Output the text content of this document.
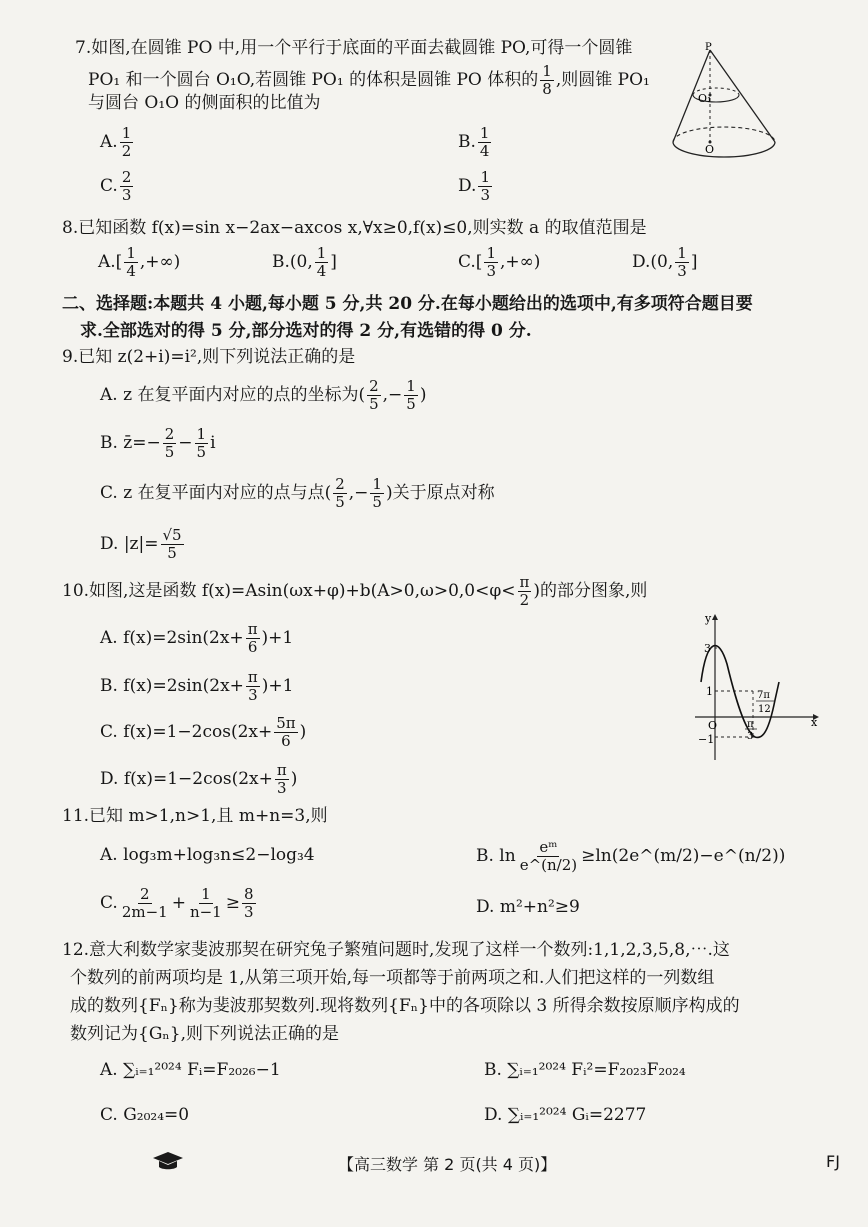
7.如图,在圆锥 PO 中,用一个平行于底面的平面去截圆锥 PO,可得一个圆锥
PO₁ 和一个圆台 O₁O,若圆锥 PO₁ 的体积是圆锥 PO 体积的 $\frac{1}{8}$ ,则圆锥 PO₁
与圆台 O₁O 的侧面积的比值为
A. $\frac{1}{2}$	B. $\frac{1}{4}$
C. $\frac{2}{3}$	D. $\frac{1}{3}$
P
O₁
O
8.已知函数 f(x)=sin x−2ax−axcos x,∀x≥0,f(x)≤0,则实数 a 的取值范围是
$A.[ \frac{1}{4}$ ,+∞)	B.(0, $\frac{1}{4}$ ]	$C.[ \frac{1}{3}$ ,+∞)	D.(0, $\frac{1}{3}$ ]
二、选择题:本题共 4 小题,每小题 5 分,共 20 分.在每小题给出的选项中,有多项符合题目要
求.全部选对的得 5 分,部分选对的得 2 分,有选错的得 0 分.
9.已知 z(2+i)=i²,则下列说法正确的是
A. z 在复平面内对应的点的坐标为( $\frac{2}{5}$ ,− $\frac{1}{5}$ )
B. z̄=− $\frac{2}{5} - \frac{1}{5}$ i
C. z 在复平面内对应的点与点( $\frac{2}{5}$ ,− $\frac{1}{5}$ )关于原点对称
D. $|z|= \frac{√5}{5}$
10.如图,这是函数 $f(x)=Asin(\omega x+\varphi)+b(A>0,\omega>0,0<\varphi< \frac{\pi}{2}$ )的部分图象,则
A. $f(x)=2\sin(2x+ \frac{\pi}{6} )+1$
B. $f(x)=2\sin(2x+ \frac{\pi}{3} )+1$
C. $f(x)=1-2\cos(2x+ \frac{5\pi}{6}$ )
D. $f(x)=1-2\cos(2x+ \frac{\pi}{3}$ )
y
x
O
3
1
−1
7π
12
π
3
11.已知 m>1,n>1,且 m+n=3,则
A. log₃m+log₃n≤2−log₃4	B. $\ln \frac{\text{eᵐ}}{e\^{}(n/2)}$ ≥ln(2e^(m/2)−e^(n/2))
C. $\frac{2}{2m-1} + \frac{1}{n-1} \ge \frac{8}{3}$	D. m²+n²≥9
12.意大利数学家斐波那契在研究兔子繁殖问题时,发现了这样一个数列:1,1,2,3,5,8,⋯.这
个数列的前两项均是 1,从第三项开始,每一项都等于前两项之和.人们把这样的一列数组
成的数列{Fₙ}称为斐波那契数列.现将数列{Fₙ}中的各项除以 3 所得余数按原顺序构成的
数列记为{Gₙ},则下列说法正确的是
A. ∑ᵢ₌₁²⁰²⁴ Fᵢ=F₂₀₂₆−1	B. ∑ᵢ₌₁²⁰²⁴ Fᵢ²=F₂₀₂₃F₂₀₂₄
C. G₂₀₂₄=0	D. ∑ᵢ₌₁²⁰²⁴ Gᵢ=2277
【高三数学 第 2 页(共 4 页)】	FJ
